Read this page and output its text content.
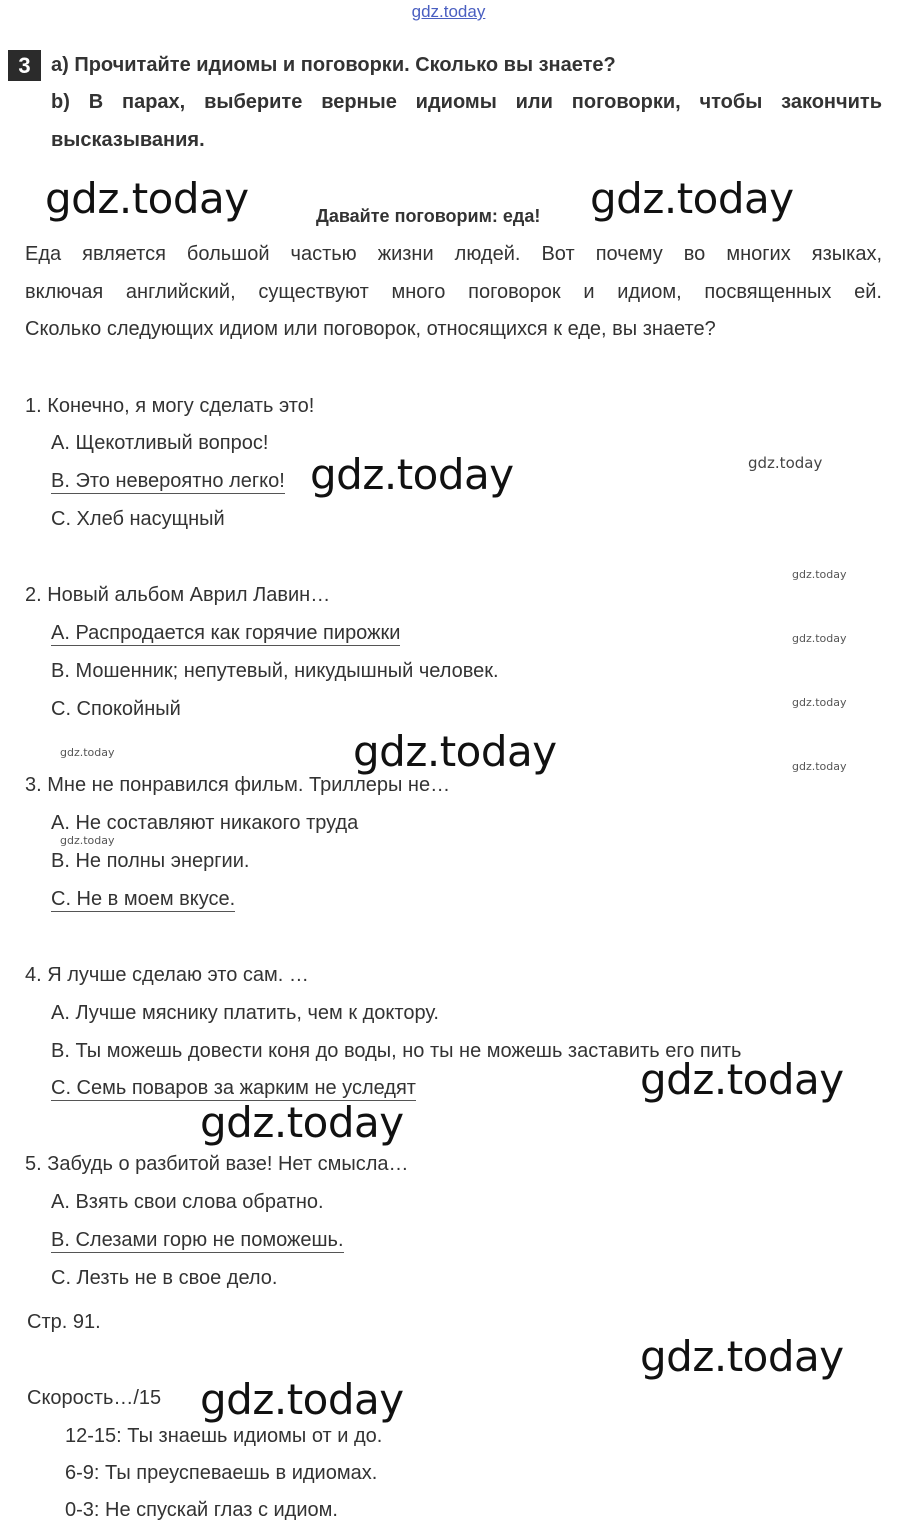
gdz.today
3	a) Прочитайте идиомы и поговорки. Сколько вы знаете?
b) В парах, выберите верные идиомы или поговорки, чтобы закончить
высказывания.
Давайте поговорим: еда!
Еда является большой частью жизни людей. Вот почему во многих языках,
включая английский, существуют много поговорок и идиом, посвященных ей.
Сколько следующих идиом или поговорок, относящихся к еде, вы знаете?
1. Конечно, я могу сделать это!
А. Щекотливый вопрос!
В. Это невероятно легко!
С. Хлеб насущный
2. Новый альбом Аврил Лавин…
А. Распродается как горячие пирожки
В. Мошенник; непутевый, никудышный человек.
С. Спокойный
3. Мне не понравился фильм. Триллеры не…
А. Не составляют никакого труда
В. Не полны энергии.
С. Не в моем вкусе.
4. Я лучше сделаю это сам. …
А. Лучше мяснику платить, чем к доктору.
В. Ты можешь довести коня до воды, но ты не можешь заставить его пить
С. Семь поваров за жарким не уследят
5. Забудь о разбитой вазе! Нет смысла…
А. Взять свои слова обратно.
В. Слезами горю не поможешь.
С. Лезть не в свое дело.
Стр. 91.
Скорость…/15
12-15: Ты знаешь идиомы от и до.
6-9: Ты преуспеваешь в идиомах.
0-3: Не спускай глаз с идиом.
gdz.today	gdz.today
gdz.today	gdz.today
gdz.today
gdz.today
gdz.today
gdz.today	gdz.today	gdz.today
gdz.today
gdz.today
gdz.today
gdz.today
gdz.today
